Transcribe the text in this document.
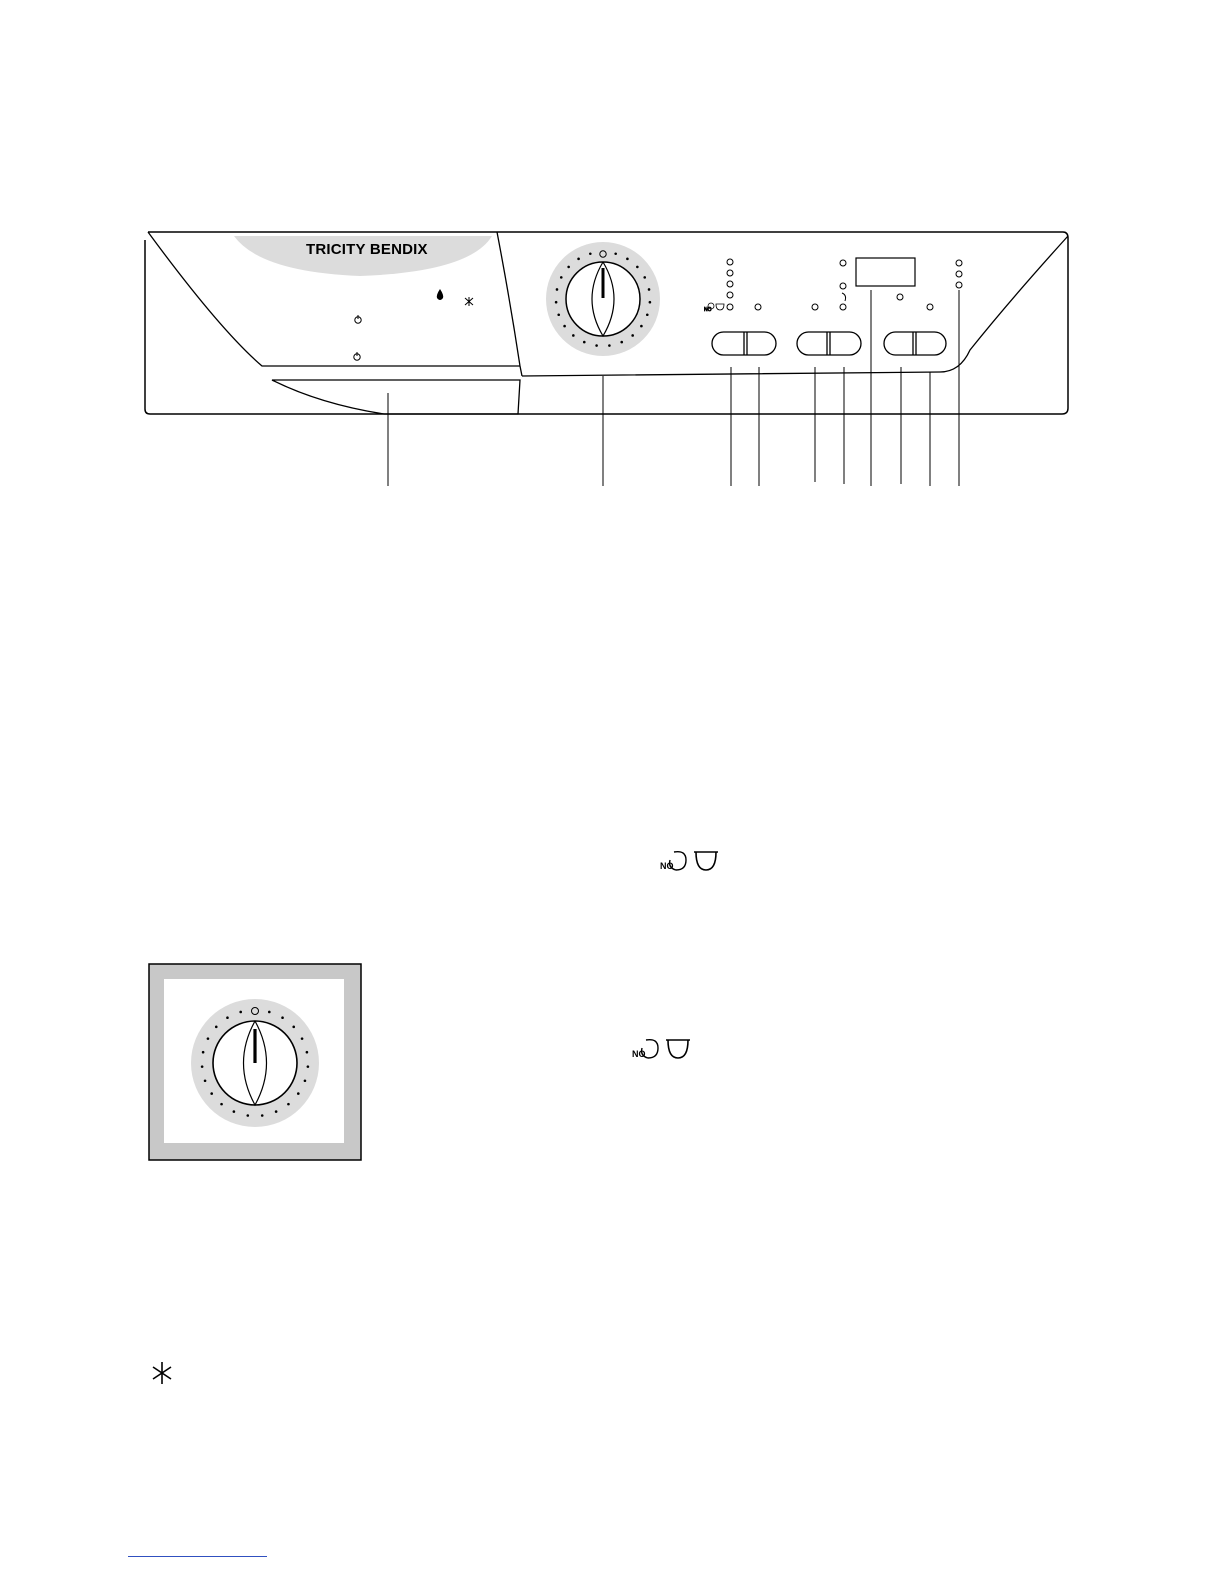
NO
TRICITY BENDIX
NO
NO
